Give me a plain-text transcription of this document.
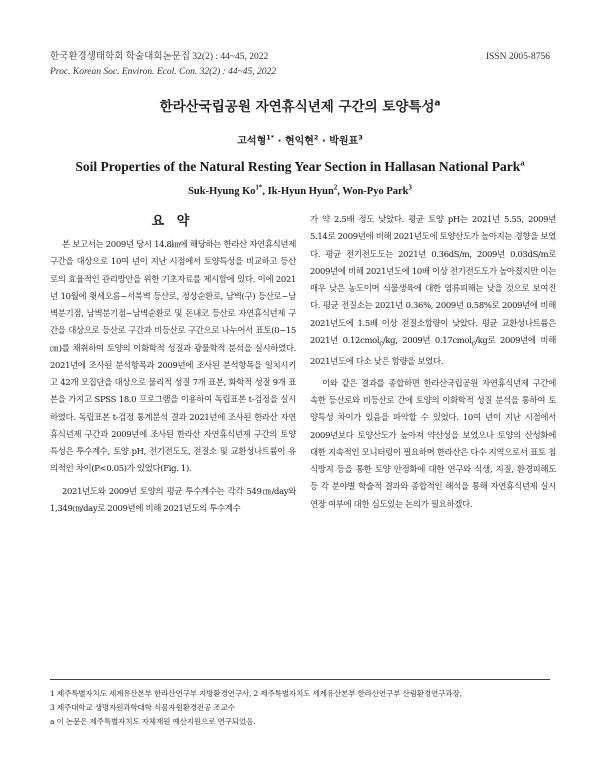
한국환경생태학회 학술대회논문집 32(2) : 44~45, 2022
Proc. Korean Soc. Environ. Ecol. Con. 32(2) : 44~45, 2022
ISSN 2005-8756
한라산국립공원 자연휴식년제 구간의 토양특성$^a$
고석형$^{1*}$ · 현익현$^2$ · 박원표$^3$
Soil Properties of the Natural Resting Year Section in Hallasan National Park$^a$
Suk-Hyung $Ko^{1*}$, Ik-Hyun Hyun$^2$, Won-Pyo Park$^3$
요 약

본 보고서는 2009년 당시 14.8㎞에 해당하는 한라산 자연휴식년제 구간을 대상으로 10여 년이 지난 시점에서 토양특성을 비교하고 등산로의 효율적인 관리방안을 위한 기초자료를 제시함에 있다. 이에 2021년 10월에 윗세오름~서북벽 등산로, 정상순환로, 남벽(구) 등산로~남벽분기점, 남벽분기점~남벽순환로 및 돈내코 등산로 자연휴식년제 구간을 대상으로 등산로 구간과 비등산로 구간으로 나누어서 표토(0~15㎝)를 채취하여 토양의 이화학적 성질과 광물학적 분석을 실시하였다. 2021년에 조사된 분석항목과 2009년에 조사된 분석항목을 일치시키고 42개 모집단을 대상으로 물리적 성질 7개 표본, 화학적 성질 9개 표본을 가지고 SPSS 18.0 프로그램을 이용하여 독립표본 t-검정을 실시하였다. 독립표본 t-검정 통계분석 결과 2021년에 조사된 한라산 자연휴식년제 구간과 2009년에 조사된 한라산 자연휴식년제 구간의 토양특성은 투수계수, 토양 pH, 전기전도도, 전질소 및 교환성나트륨이 유의적인 차이(P<0.05)가 있었다(Fig. 1).

2021년도와 2009년 토양의 평균 투수계수는 각각 549㎝/day와 1,349㎝/day로 2009년에 비해 2021년도의 투수계수

가 약 2.5배 정도 낮았다. 평균 토양 pH는 2021년 5.55, 2009년 5.14로 2009년에 비해 2021년도에 토양산도가 높아지는 경향을 보였다. 평균 전기전도도는 2021년 0.36dS/m, 2009년 0.03dS/m로 2009년에 비해 2021년도에 10배 이상 전기전도도가 높아졌지만 이는 매우 낮은 농도이며 식물생육에 대한 염류피해는 낮을 것으로 보여진다. 평균 전질소는 2021년 0.36%, 2009년 0.58%로 2009년에 비해 2021년도에 1.5배 이상 전질소함량이 낮았다. 평균 교환성나트륨은 2021년 0.12cmol$_c$/kg, 2009년 0.17cmol$_c$/kg로 2009년에 비해 2021년도에 다소 낮은 함량을 보였다.

이와 같은 결과를 종합하면 한라산국립공원 자연휴식년제 구간에 속한 등산로와 비등산로 간에 토양의 이화학적 성질 분석을 통하여 토양특성 차이가 있음을 파악할 수 있었다. 10여 년이 지난 시점에서 2009년보다 토양산도가 높아져 약산성을 보였으나 토양의 산성화에 대한 지속적인 모니터링이 필요하며 한라산은 다수 지역으로서 표토 침식방지 등을 통한 토양 안정화에 대한 연구와 식생, 지질, 환경피해도 등 각 분야별 학술적 결과와 종합적인 해석을 통해 자연휴식년제 실시 연장 여부에 대한 심도있는 논의가 필요하겠다.

1 제주특별자치도 세계유산본부 한라산연구부 지방환경연구사, 2 제주특별자치도 세계유산본부 한라산연구부 산림환경연구과장,
3 제주대학교 생명자원과학대학 식물자원환경전공 조교수
a 이 논문은 제주특별자치도 자체재원 예산지원으로 연구되었음.
